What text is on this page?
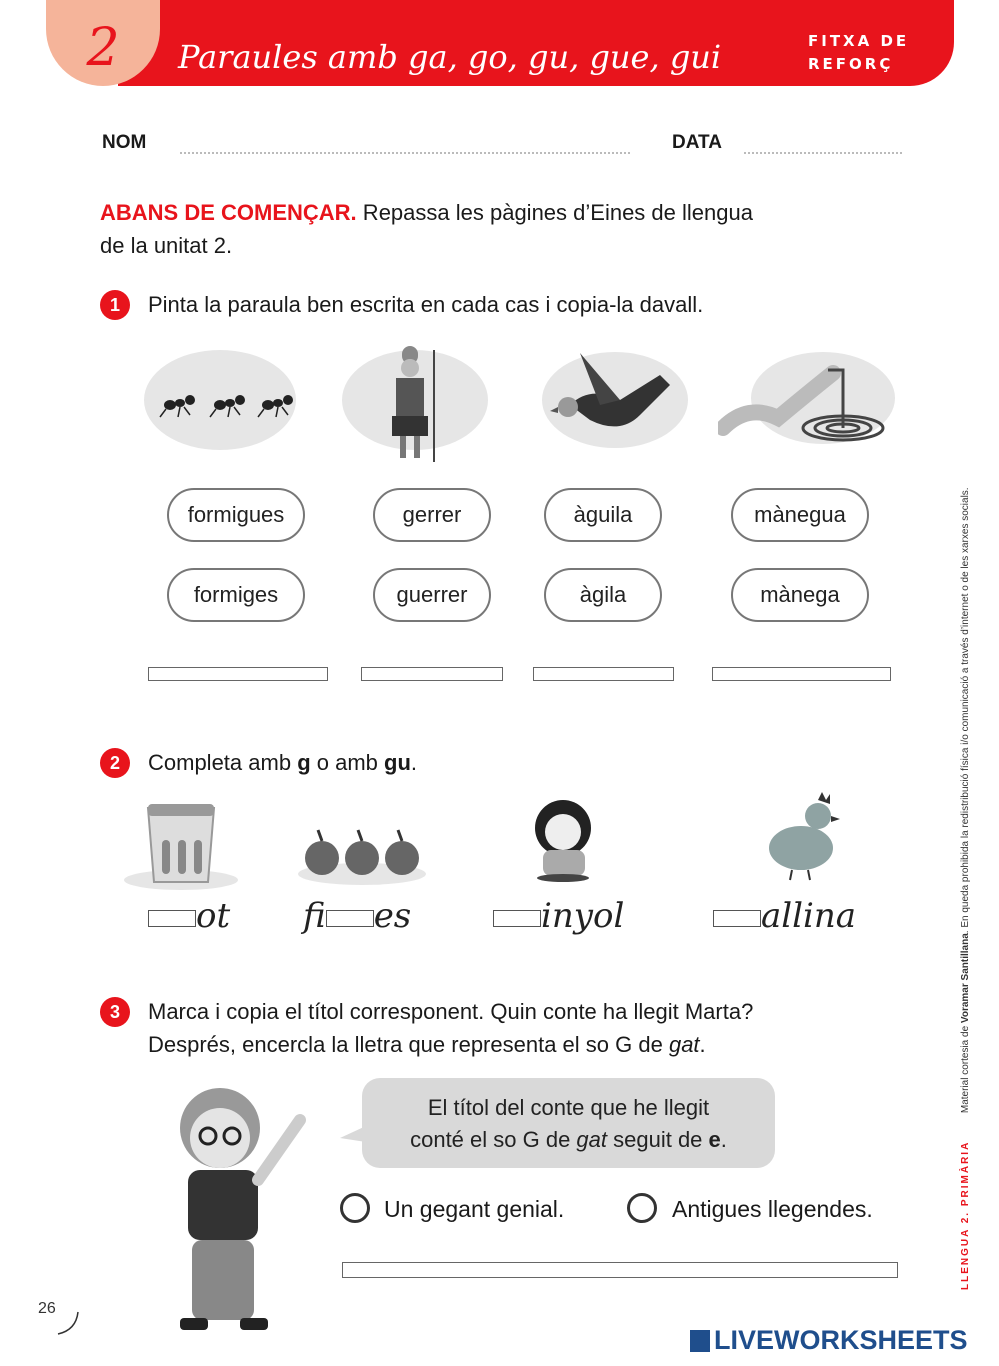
2	Paraules amb ga, go, gu, gue, gui	FITXA DE
REFORÇ
NOM	DATA
ABANS DE COMENÇAR. Repassa les pàgines d’Eines de llengua
de la unitat 2.
1	Pinta la paraula ben escrita en cada cas i copia-la davall.
formigues
formiges
gerrer
guerrer
àguila
àgila
mànegua
mànega
2	Completa amb g o amb gu.
ot fi es	inyol	allina
3	Marca i copia el títol corresponent. Quin conte ha llegit Marta?
Després, encercla la lletra que representa el so G de gat.
El títol del conte que he llegit
conté el so G de gat seguit de e.
Un gegant genial.	Antigues llegendes.	LLENGUA 2. PRIMÀRIA  Material cortesia de Voramar Santillana. En queda prohibida la redistribució física i/o comunicació a través d’internet o de les xarxes socials.
26
LIVEWORKSHEETS
